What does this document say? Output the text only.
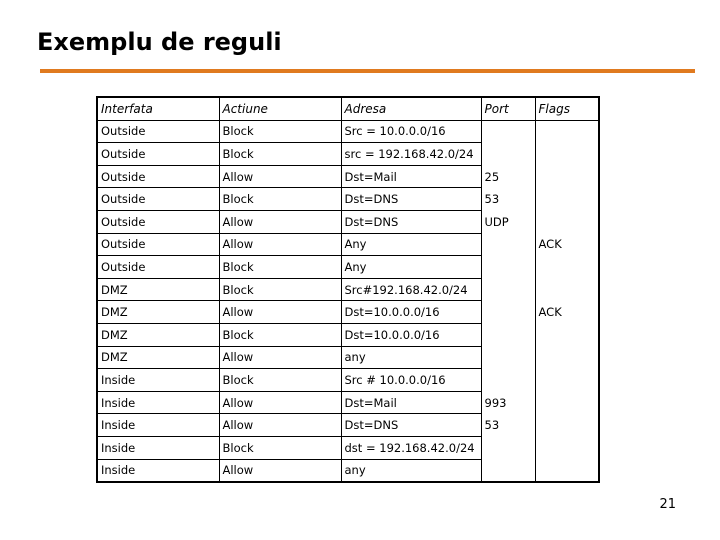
Exemplu de reguli
Interfata	Actiune	Adresa	Port	Flags
Outside	Block	Src = 10.0.0.0/16		
Outside	Block	src = 192.168.42.0/24		
Outside	Allow	Dst=Mail	25	
Outside	Block	Dst=DNS	53	
Outside	Allow	Dst=DNS	UDP	
Outside	Allow	Any		ACK
Outside	Block	Any		
DMZ	Block	Src#192.168.42.0/24		
DMZ	Allow	Dst=10.0.0.0/16		ACK
DMZ	Block	Dst=10.0.0.0/16		
DMZ	Allow	any		
Inside	Block	Src # 10.0.0.0/16		
Inside	Allow	Dst=Mail	993	
Inside	Allow	Dst=DNS	53	
Inside	Block	dst = 192.168.42.0/24		
Inside	Allow	any		
21
